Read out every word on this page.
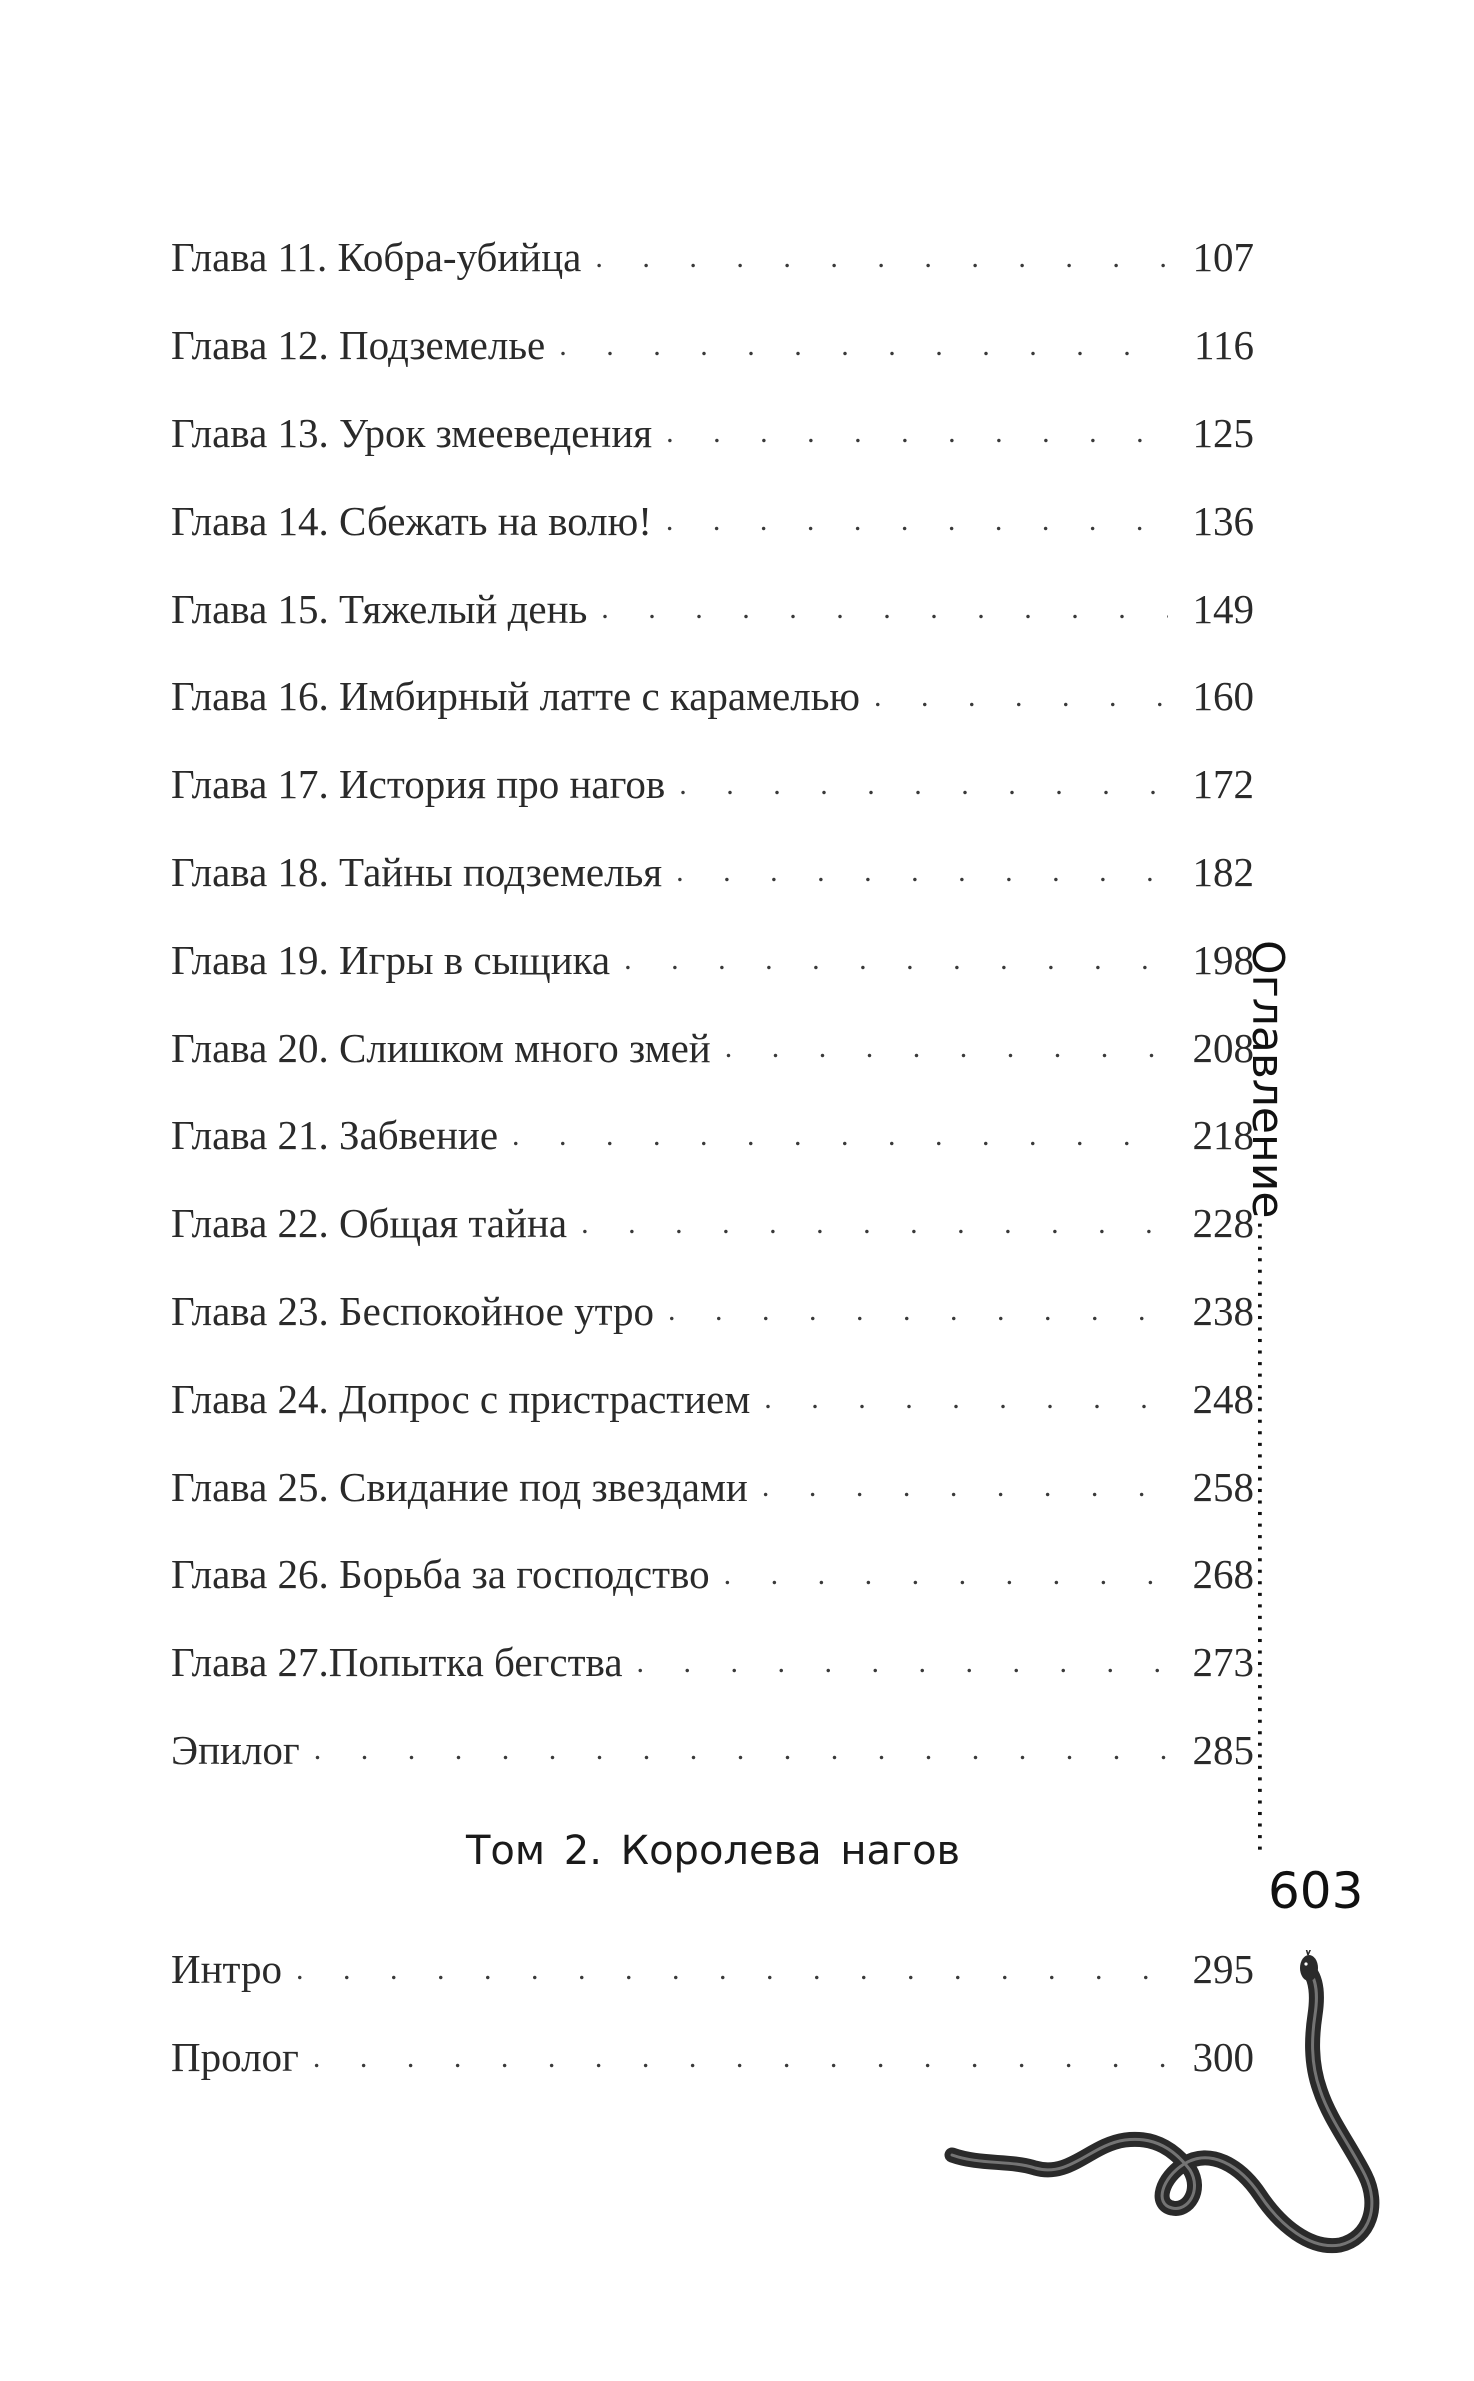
Глава 11. Кобра-убийца . . .	107
Глава 12. Подземелье . . .	116
Глава 13. Урок змееведения . . .	125
Глава 14. Сбежать на волю! . . .	136
Глава 15. Тяжелый день . . .	149
Глава 16. Имбирный латте с карамелью . . .	160
Глава 17. История про нагов . . .	172
Глава 18. Тайны подземелья . . .	182
Глава 19. Игры в сыщика . . .	198
Глава 20. Слишком много змей . . .	208
Глава 21. Забвение . . .	218
Глава 22. Общая тайна . . .	228
Глава 23. Беспокойное утро . . .	238
Глава 24. Допрос с пристрастием . . .	248
Глава 25. Свидание под звездами . . .	258
Глава 26. Борьба за господство . . .	268
Глава 27.Попытка бегства . . .	273
Эпилог . . .	285
Том 2. Королева нагов
Интро . . .	295
Пролог . . .	300
Оглавление
.....
603
